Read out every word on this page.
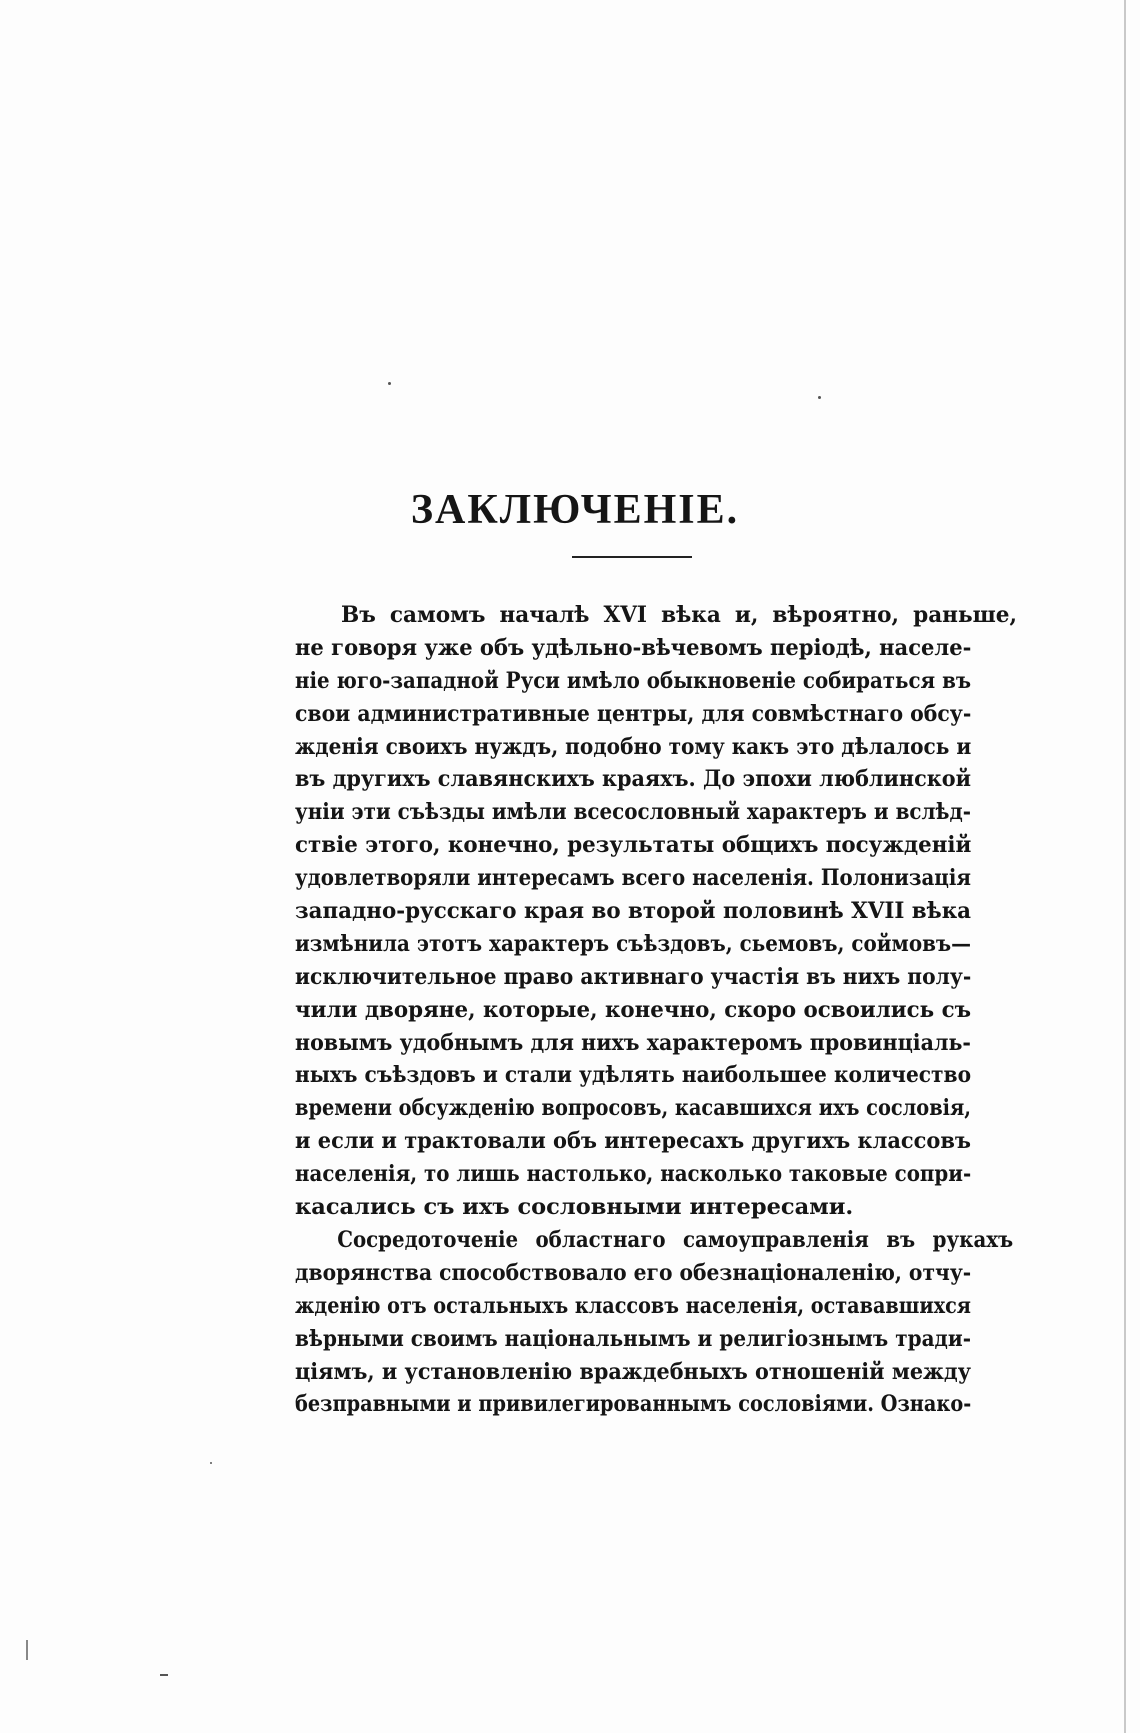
ЗАКЛЮЧЕНІЕ.
Въ самомъ началѣ XVI вѣка и, вѣроятно, раньше,
не говоря уже объ удѣльно-вѣчевомъ періодѣ, населе-
ніе юго-западной Руси имѣло обыкновеніе собираться въ
свои административные центры, для совмѣстнаго обсу-
жденія своихъ нуждъ, подобно тому какъ это дѣлалось и
въ другихъ славянскихъ краяхъ. До эпохи люблинской
уніи эти съѣзды имѣли всесословный характеръ и вслѣд-
ствіе этого, конечно, результаты общихъ посужденій
удовлетворяли интересамъ всего населенія. Полонизація
западно-русскаго края во второй половинѣ XVII вѣка
измѣнила этотъ характеръ съѣздовъ, сьемовъ, соймовъ—
исключительное право активнаго участія въ нихъ полу-
чили дворяне, которые, конечно, скоро освоились съ
новымъ удобнымъ для нихъ характеромъ провинціаль-
ныхъ съѣздовъ и стали удѣлять наибольшее количество
времени обсужденію вопросовъ, касавшихся ихъ сословія,
и если и трактовали объ интересахъ другихъ классовъ
населенія, то лишь настолько, насколько таковые сопри-
касались съ ихъ сословными интересами.
Сосредоточеніе областнаго самоуправленія въ рукахъ
дворянства способствовало его обезнаціоналенію, отчу-
жденію отъ остальныхъ классовъ населенія, остававшихся
вѣрными своимъ національнымъ и религіознымъ тради-
ціямъ, и установленію враждебныхъ отношеній между
безправными и привилегированнымъ сословіями. Ознако-
